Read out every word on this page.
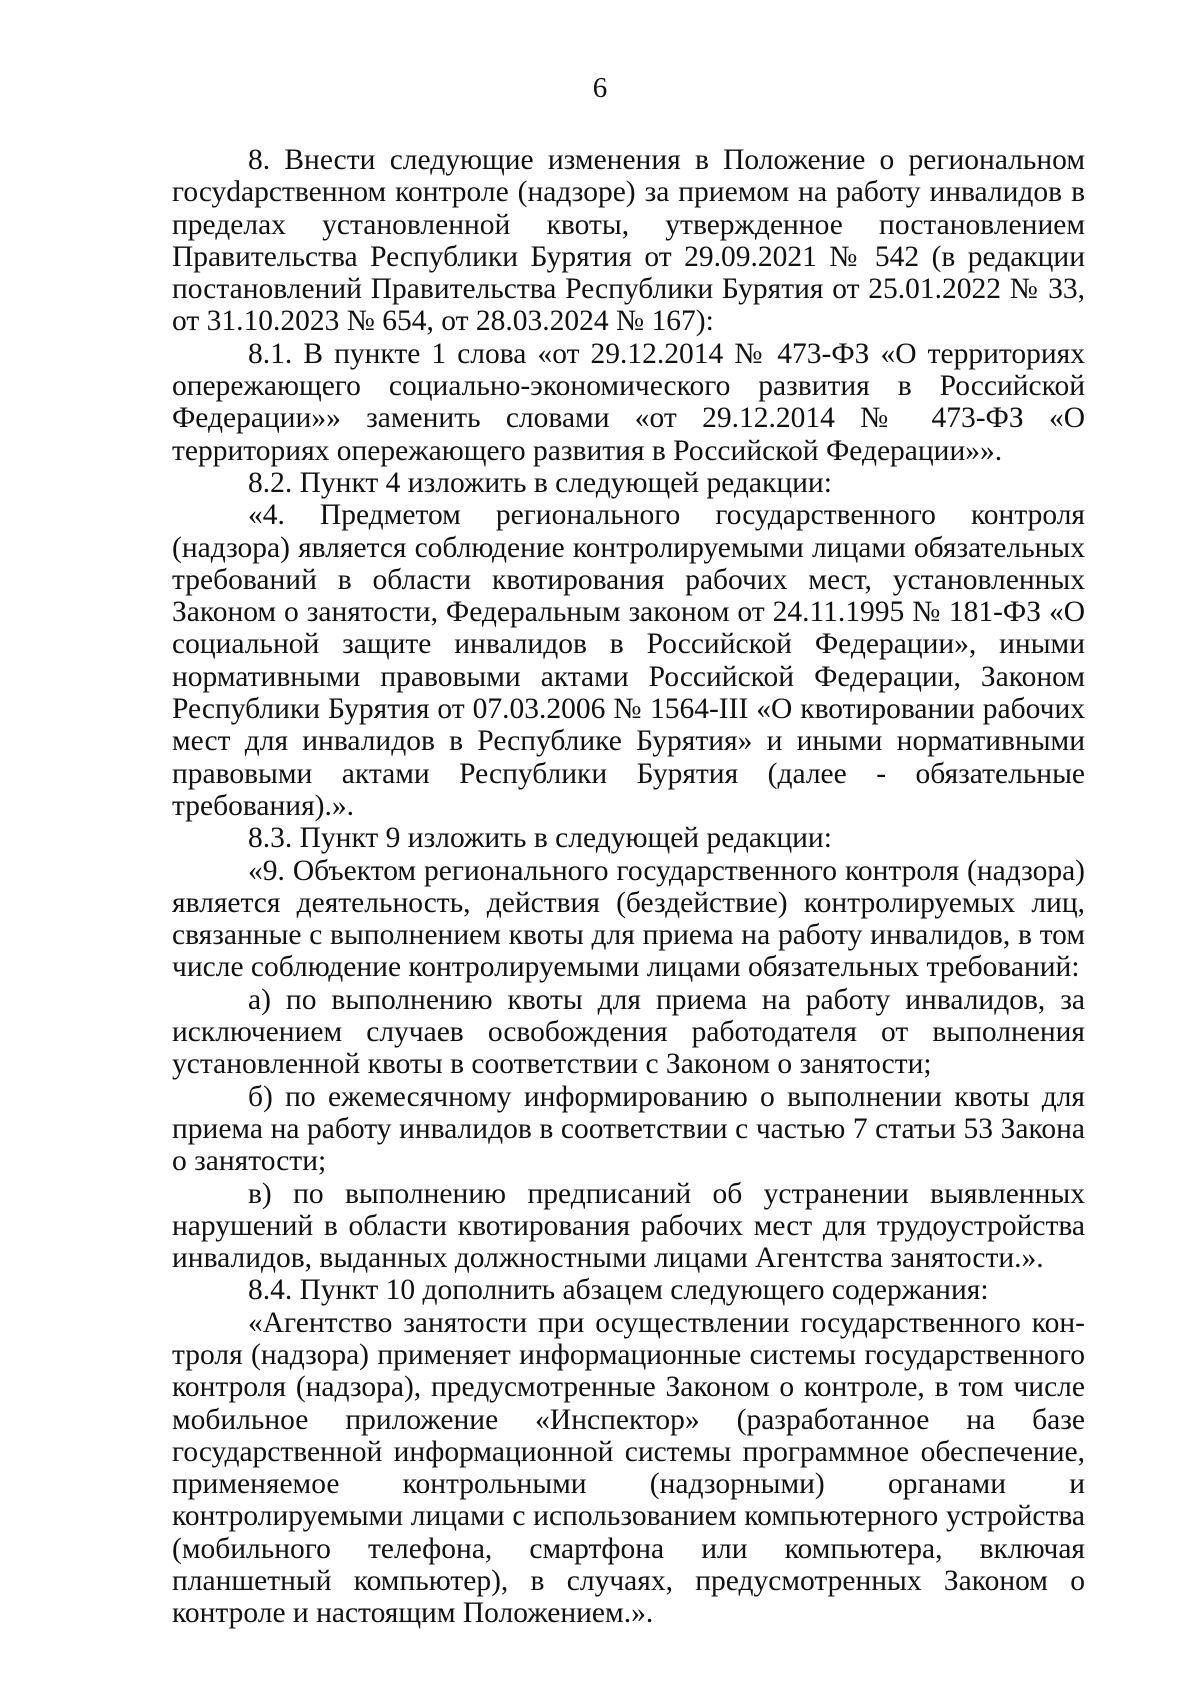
6

8. Внести следующие изменения в Положение о региональном госуdарственном контроле (надзоре) за приемом на работу инвалидов в пределах установленной квоты, утвержденное постановлением Правительства Республики Бурятия от 29.09.2021 № 542 (в редакции постановлений Правительства Республики Бурятия от 25.01.2022 № 33, от 31.10.2023 № 654, от 28.03.2024 № 167):

8.1. В пункте 1 слова «от 29.12.2014 № 473-ФЗ «О территориях опережающего социально-экономического развития в Российской Федерации»» заменить словами «от 29.12.2014 № 473-ФЗ «О территориях опережающего развития в Российской Федерации»».

8.2. Пункт 4 изложить в следующей редакции:

«4. Предметом регионального государственного контроля (надзора) является соблюдение контролируемыми лицами обязательных требований в области квотирования рабочих мест, установленных Законом о занятости, Федеральным законом от 24.11.1995 № 181-ФЗ «О социальной защите инвалидов в Российской Федерации», иными нормативными правовыми актами Российской Федерации, Законом Республики Бурятия от 07.03.2006 № 1564-III «О квотировании рабочих мест для инвалидов в Республике Бурятия» и иными нормативными правовыми актами Республики Бурятия (далее - обязательные требования).».

8.3. Пункт 9 изложить в следующей редакции:

«9. Объектом регионального государственного контроля (надзора) является деятельность, действия (бездействие) контролируемых лиц, связанные с выполнением квоты для приема на работу инвалидов, в том числе соблюдение контролируемыми лицами обязательных требований:

а) по выполнению квоты для приема на работу инвалидов, за исключением случаев освобождения работодателя от выполнения установленной квоты в соответствии с Законом о занятости;

б) по ежемесячному информированию о выполнении квоты для приема на работу инвалидов в соответствии с частью 7 статьи 53 Закона о занятости;

в) по выполнению предписаний об устранении выявленных нарушений в области квотирования рабочих мест для трудоустройства инвалидов, выданных должностными лицами Агентства занятости.».

8.4. Пункт 10 дополнить абзацем следующего содержания:

«Агентство занятости при осуществлении государственного контроля (надзора) применяет информационные системы государственного контроля (надзора), предусмотренные Законом о контроле, в том числе мобильное приложение «Инспектор» (разработанное на базе государственной информационной системы программное обеспечение, применяемое контрольными (надзорными) органами и контролируемыми лицами с использованием компьютерного устройства (мобильного телефона, смартфона или компьютера, включая планшетный компьютер), в случаях, предусмотренных Законом о контроле и настоящим Положением.».
